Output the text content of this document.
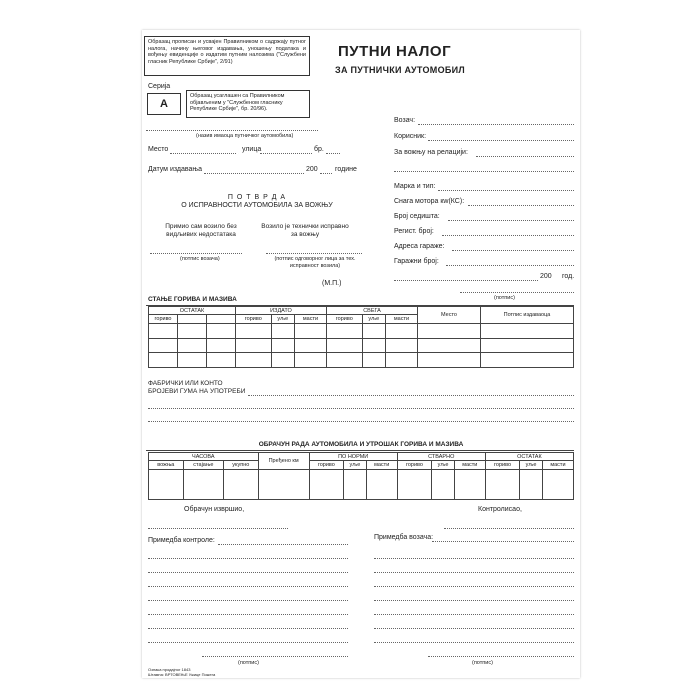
Образац прописан и усвајен Правилником о садржају путног налога, начину његовог издавања, уношењу података и вођењу евиденције о издатим путним налозима ("Службени гласник Републике Србије", 2/91)
Серија
А
Образац усаглашен са Правилником објављеним у "Службеном гласнику Републике Србије", бр. 20/96).
ПУТНИ НАЛОГ
ЗА ПУТНИЧКИ АУТОМОБИЛ
(назив имаоца путничког аутомобила)
Место	улица	бр.
Датум издавања	200 године
П О Т В Р Д А
О ИСПРАВНОСТИ АУТОМОБИЛА ЗА ВОЖЊУ
Примио сам возило без видљивих недостатака
Возило је технички исправно за вожњу
(потпис возача)	(потпис одговорног лица за тех. исправност возила)
(М.П.)
Возач:
Корисник:
За вожњу на релацији:
Марка и тип:
Снага мотора кw(КС):
Број седишта:
Регист. број:
Адреса гараже:
Гаражни број:
200 год.
(потпис)
СТАЊЕ ГОРИВА И МАЗИВА
ОСТАТАК			ИЗДАТО			СВЕГА			Место	Потпис издаваоца
гориво			гориво	уље	масти	гориво	уље	масти		

ФАБРИЧКИ ИЛИ КОНТО
БРОЈЕВИ ГУМА НА УПОТРЕБИ
ОБРАЧУН РАДА АУТОМОБИЛА И УТРОШАК ГОРИВА И МАЗИВА
ЧАСОВА			Пређено км	ПО НОРМИ			СТВАРНО			ОСТАТАК		
вожња	стајање	укупно		гориво	уље	масти	гориво	уље	масти	гориво	уље	масти

Обрачун извршио,	Контролисао,
Примедба контроле:	Примедба возача:
(потпис)	(потпис)
Ознака продајног 1843
Штампа: ВРТОВЕЊЕ Ужице Пожега
